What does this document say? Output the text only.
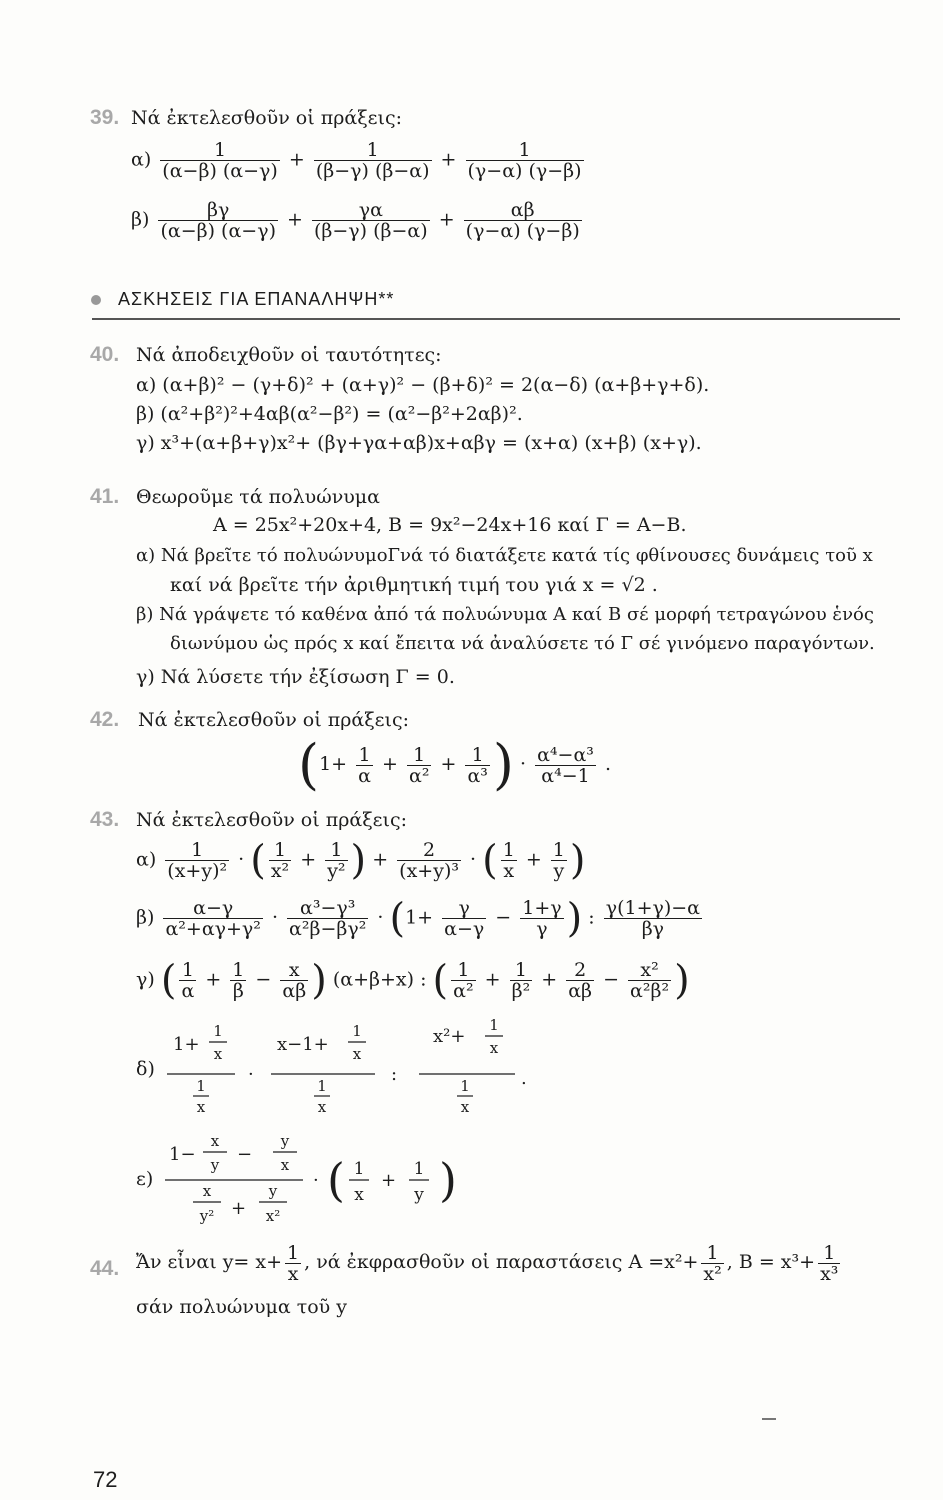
39. Νά ἐκτελεσθοῦν οἱ πράξεις:
$\alpha) \frac{1}{(\alpha-\beta) (\alpha-\gamma)} + \frac{1}{(\beta-\gamma) (\beta-\alpha)} + \frac{1}{(\gamma-\alpha) (\gamma-\beta)}$
$\beta) \frac{\beta\gamma}{(\alpha-\beta) (\alpha-\gamma)} + \frac{\gamma\alpha}{(\beta-\gamma) (\beta-\alpha)} + \frac{\alpha\beta}{(\gamma-\alpha) (\gamma-\beta)}$
ΑΣΚΗΣΕΙΣ ΓΙΑ ΕΠΑΝΑΛΗΨΗ**
40. Νά ἀποδειχθοῦν οἱ ταυτότητες:
α) (α+β)² − (γ+δ)² + (α+γ)² − (β+δ)² = 2(α−δ) (α+β+γ+δ).
β) (α²+β²)²+4αβ(α²−β²) = (α²−β²+2αβ)².
γ) x³+(α+β+γ)x²+ (βγ+γα+αβ)x+αβγ = (x+α) (x+β) (x+γ).
41. Θεωροῦμε τά πολυώνυμα
Α = 25x²+20x+4, Β = 9x²−24x+16 καί Γ = Α−Β.
α) Νά βρεῖτε τό πολυώνυμοΓνά τό διατάξετε κατά τίς φθίνουσες δυνάμεις τοῦ x
καί νά βρεῖτε τήν ἀριθμητική τιμή του γιά x = √2 .
β) Νά γράψετε τό καθένα ἀπό τά πολυώνυμα Α καί Β σέ μορφή τετραγώνου ἑνός
διωνύμου ὡς πρός x καί ἔπειτα νά ἀναλύσετε τό Γ σέ γινόμενο παραγόντων.
γ) Νά λύσετε τήν ἐξίσωση Γ = 0.
42. Νά ἐκτελεσθοῦν οἱ πράξεις:
($1+ \frac{1}{\alpha} + \frac{1}{\text{α²}} + \frac{1}{\text{α³}}$ ) · $\frac{\text{α⁴−α³}}{\text{α⁴−1}}$ .
43. Νά ἐκτελεσθοῦν οἱ πράξεις:
$\alpha) \frac{1}{\text{(x+y)²}}$ · ( $\frac{1}{\text{x²}} + \frac{1}{\text{y²}}$ ) + $\frac{2}{\text{(x+y)³}}$ · ( $\frac{1}{x} + \frac{1}{y}$ )
$\beta) \frac{\alpha-\gamma}{\text{α²+αγ+γ²}} \cdot \frac{\text{α³−γ³}}{\text{α²β−βγ²}} \cdot (1+ \frac{\gamma}{\alpha-\gamma} - \frac{1+\gamma}{\gamma}$ ) : $\frac{\gamma(1+\gamma)-\alpha}{\beta\gamma}$
γ) ( $\frac{1}{\alpha} + \frac{1}{\beta} - \frac{x}{\alpha\beta}$ ) (α+β+x) : ( $\frac{1}{\text{α²}} + \frac{1}{\text{β²}} + \frac{2}{\alpha\beta} - \frac{\text{x²}}{\text{α²β²}}$ )
δ)
1+
1
x
1
x
·
x−1+
1
x
1
x
:
x²+
1
x
1
x
.
ε)
1−
x
y −
y
x
x
y² +
y
x²
· ( 1
x
+
1
y )
44. Ἄν εἶναι $y= x+ \frac{1}{x}$ , νά ἐκφρασθοῦν οἱ παραστάσεις $A =x^2+ \frac{1}{\text{x²}}$ , $B = x^3+ \frac{1}{\text{x³}}$
σάν πολυώνυμα τοῦ y
72
